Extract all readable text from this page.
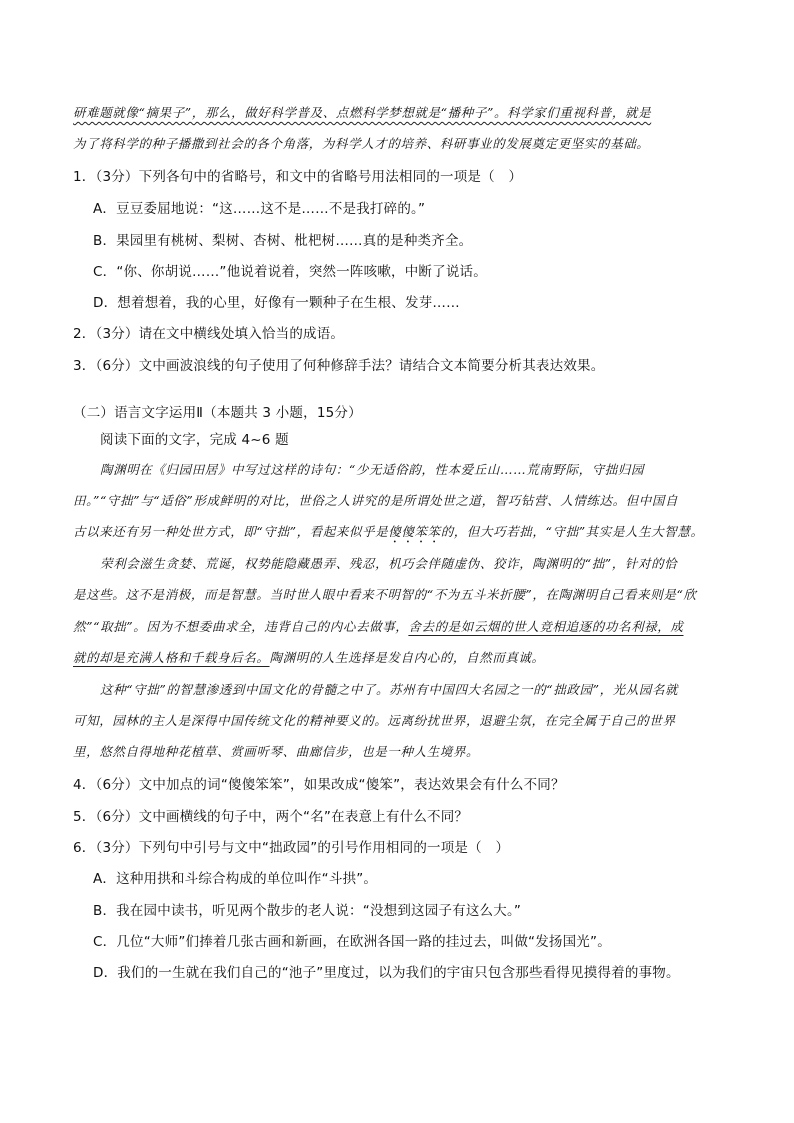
研难题就像“摘果子”，那么，做好科学普及、点燃科学梦想就是“播种子”。科学家们重视科普，就是
为了将科学的种子播撒到社会的各个角落，为科学人才的培养、科研事业的发展奠定更坚实的基础。
1．（3分）下列各句中的省略号，和文中的省略号用法相同的一项是（　）
A．豆豆委屈地说：“这……这不是……不是我打碎的。”
B．果园里有桃树、梨树、杏树、枇杷树……真的是种类齐全。
C．“你、你胡说……”他说着说着，突然一阵咳嗽，中断了说话。
D．想着想着，我的心里，好像有一颗种子在生根、发芽……
2．（3分）请在文中横线处填入恰当的成语。
3．（6分）文中画波浪线的句子使用了何种修辞手法？请结合文本简要分析其表达效果。
（二）语言文字运用Ⅱ（本题共 3 小题，15分）
阅读下面的文字，完成 4~6 题
陶渊明在《归园田居》中写过这样的诗句：“少无适俗韵，性本爱丘山……荒南野际，守拙归园
田。”“守拙”与“适俗”形成鲜明的对比，世俗之人讲究的是所谓处世之道，智巧钻营、人情练达。但中国自
古以来还有另一种处世方式，即“守拙”，看起来似乎是傻傻笨笨的，但大巧若拙，“守拙”其实是人生大智慧。
荣利会滋生贪婪、荒诞，权势能隐藏愚弄、残忍，机巧会伴随虚伪、狡诈，陶渊明的“拙”，针对的恰
是这些。这不是消极，而是智慧。当时世人眼中看来不明智的“不为五斗米折腰”，在陶渊明自己看来则是“欣
然”“取拙”。因为不想委曲求全，违背自己的内心去做事，舍去的是如云烟的世人竞相追逐的功名利禄，成
就的却是充满人格和千载身后名。陶渊明的人生选择是发自内心的，自然而真诚。
这种“守拙”的智慧渗透到中国文化的骨髓之中了。苏州有中国四大名园之一的“拙政园”，光从园名就
可知，园林的主人是深得中国传统文化的精神要义的。远离纷扰世界，退避尘氛，在完全属于自己的世界
里，悠然自得地种花植草、赏画听琴、曲廊信步，也是一种人生境界。
4．（6分）文中加点的词“傻傻笨笨”，如果改成“傻笨”，表达效果会有什么不同？
5．（6分）文中画横线的句子中，两个“名”在表意上有什么不同？
6．（3分）下列句中引号与文中“拙政园”的引号作用相同的一项是（　）
A．这种用拱和斗综合构成的单位叫作“斗拱”。
B．我在园中读书，听见两个散步的老人说：“没想到这园子有这么大。”
C．几位“大师”们捧着几张古画和新画，在欧洲各国一路的挂过去，叫做“发扬国光”。
D．我们的一生就在我们自己的“池子”里度过，以为我们的宇宙只包含那些看得见摸得着的事物。
